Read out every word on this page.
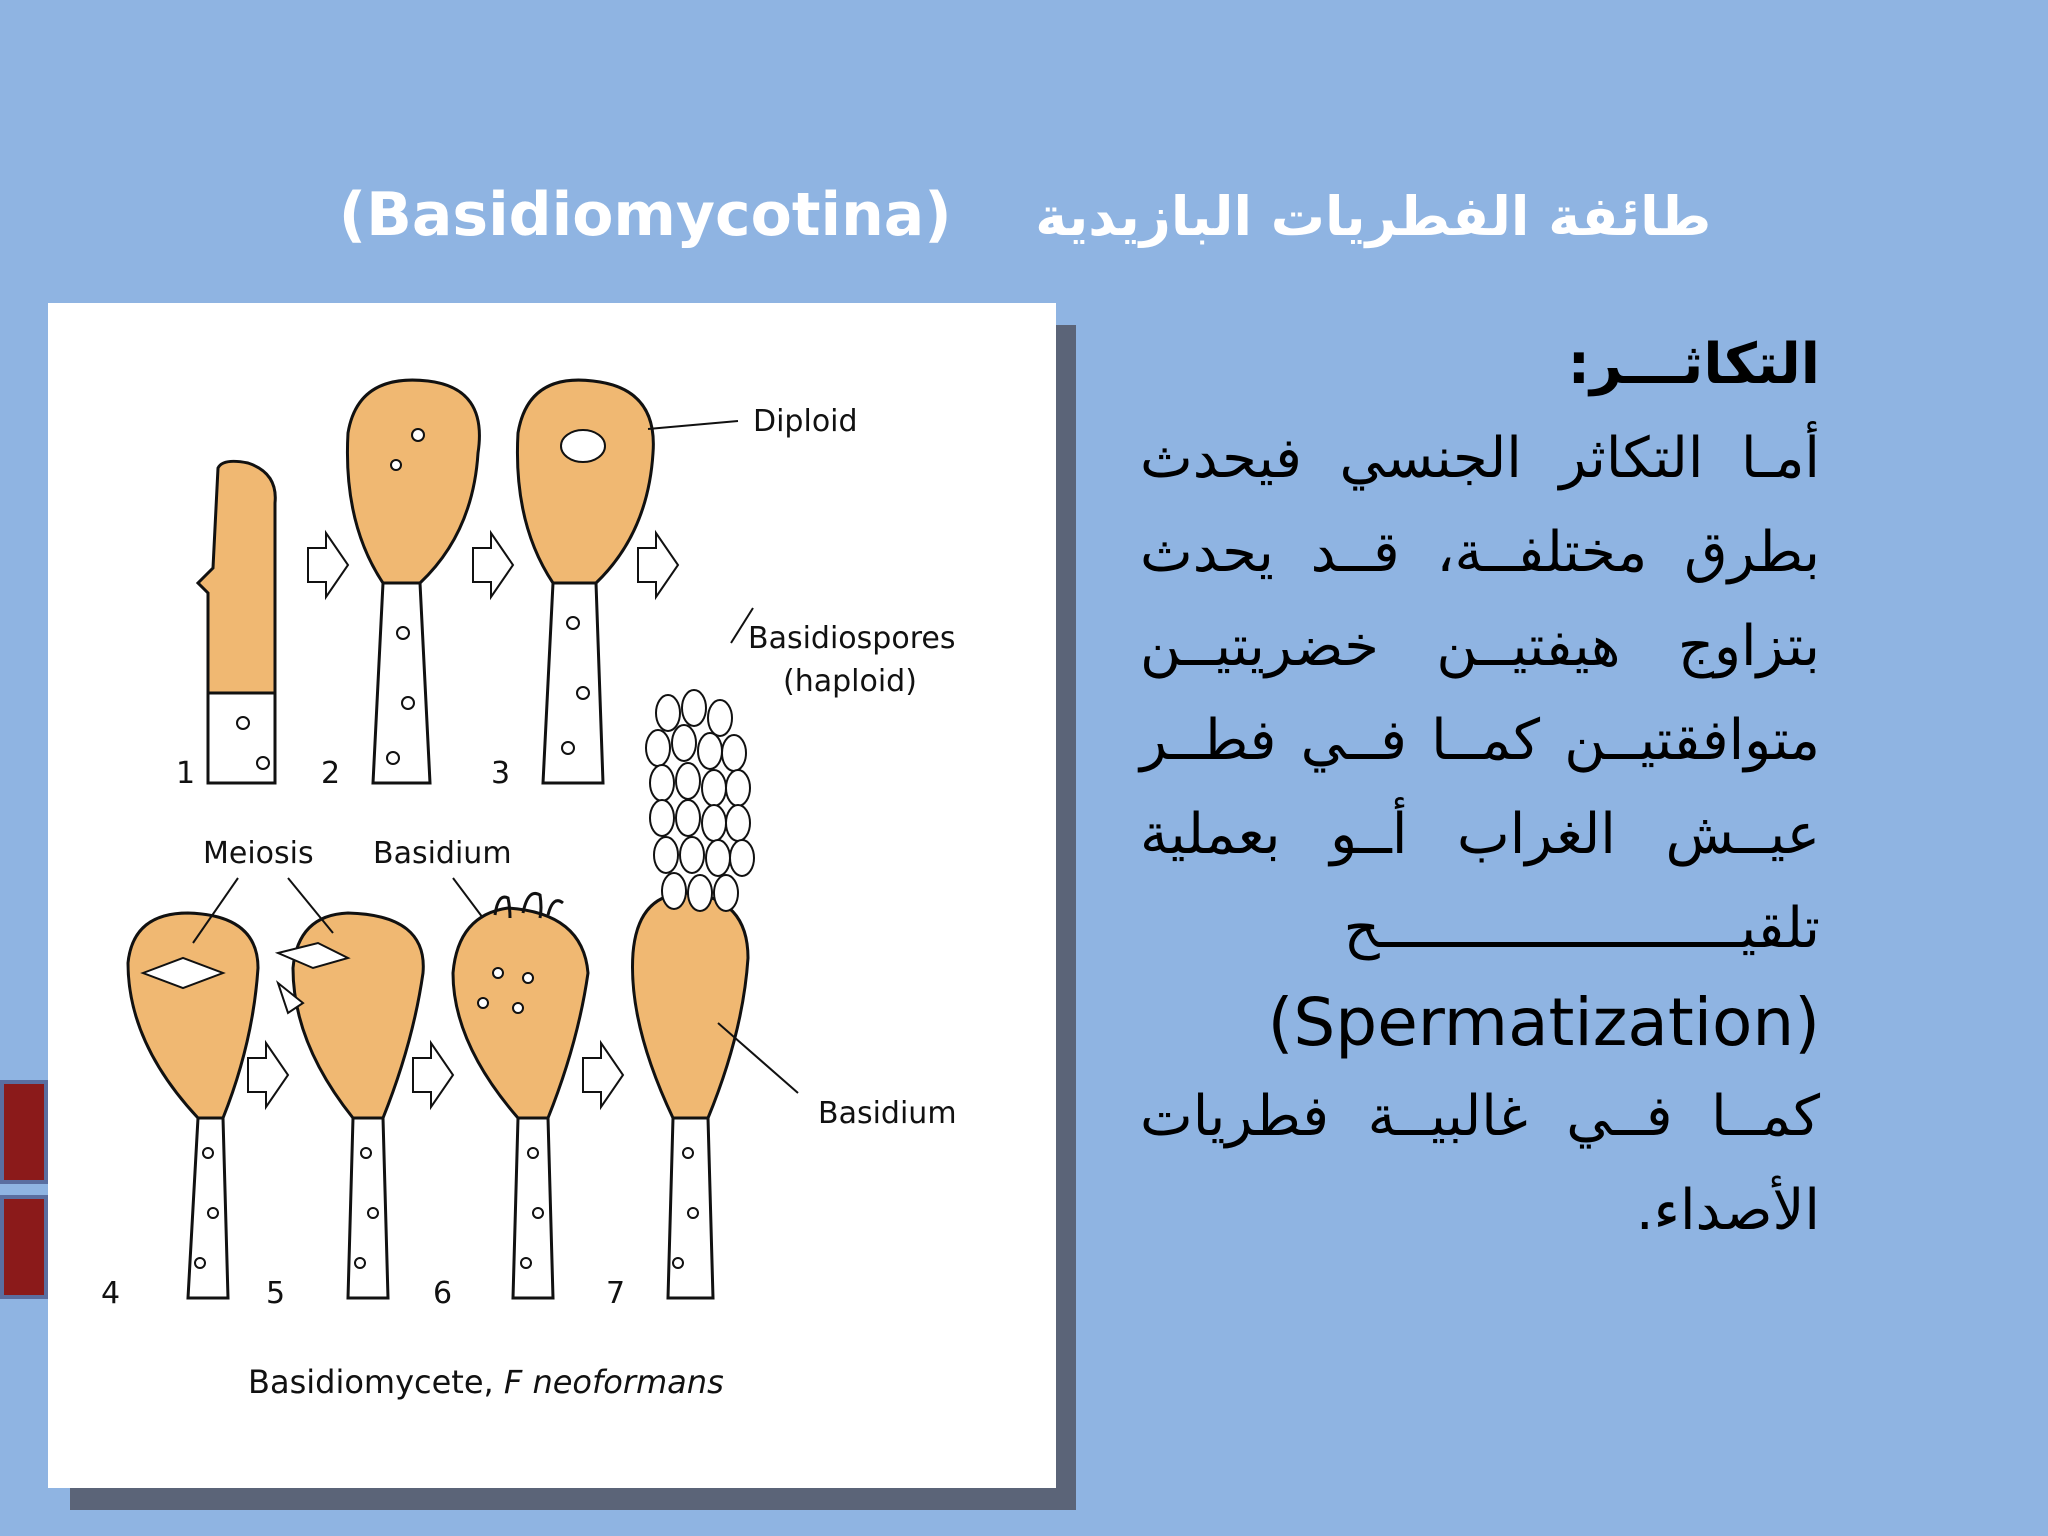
(Basidiomycotina) طائفة الفطريات البازيدية
Diploid
Basidiospores
(haploid)
Meiosis Basidium
Basidium
1	2	3
4	5	6	7
Basidiomycete, F neoformans
التكاثـــر:
أمـا التكاثر الجنسي فيحدث بطرق مختلفــة، قــد يحدث بتزاوج هيفتيــن خضريتيــن متوافقتيــن كمــا فــي فطــر عيــش الغراب أــو بعملية تلقيــــــــــــــــــــــح
(Spermatization)
كمــا فــي غالبيــة فطريات الأصداء.
